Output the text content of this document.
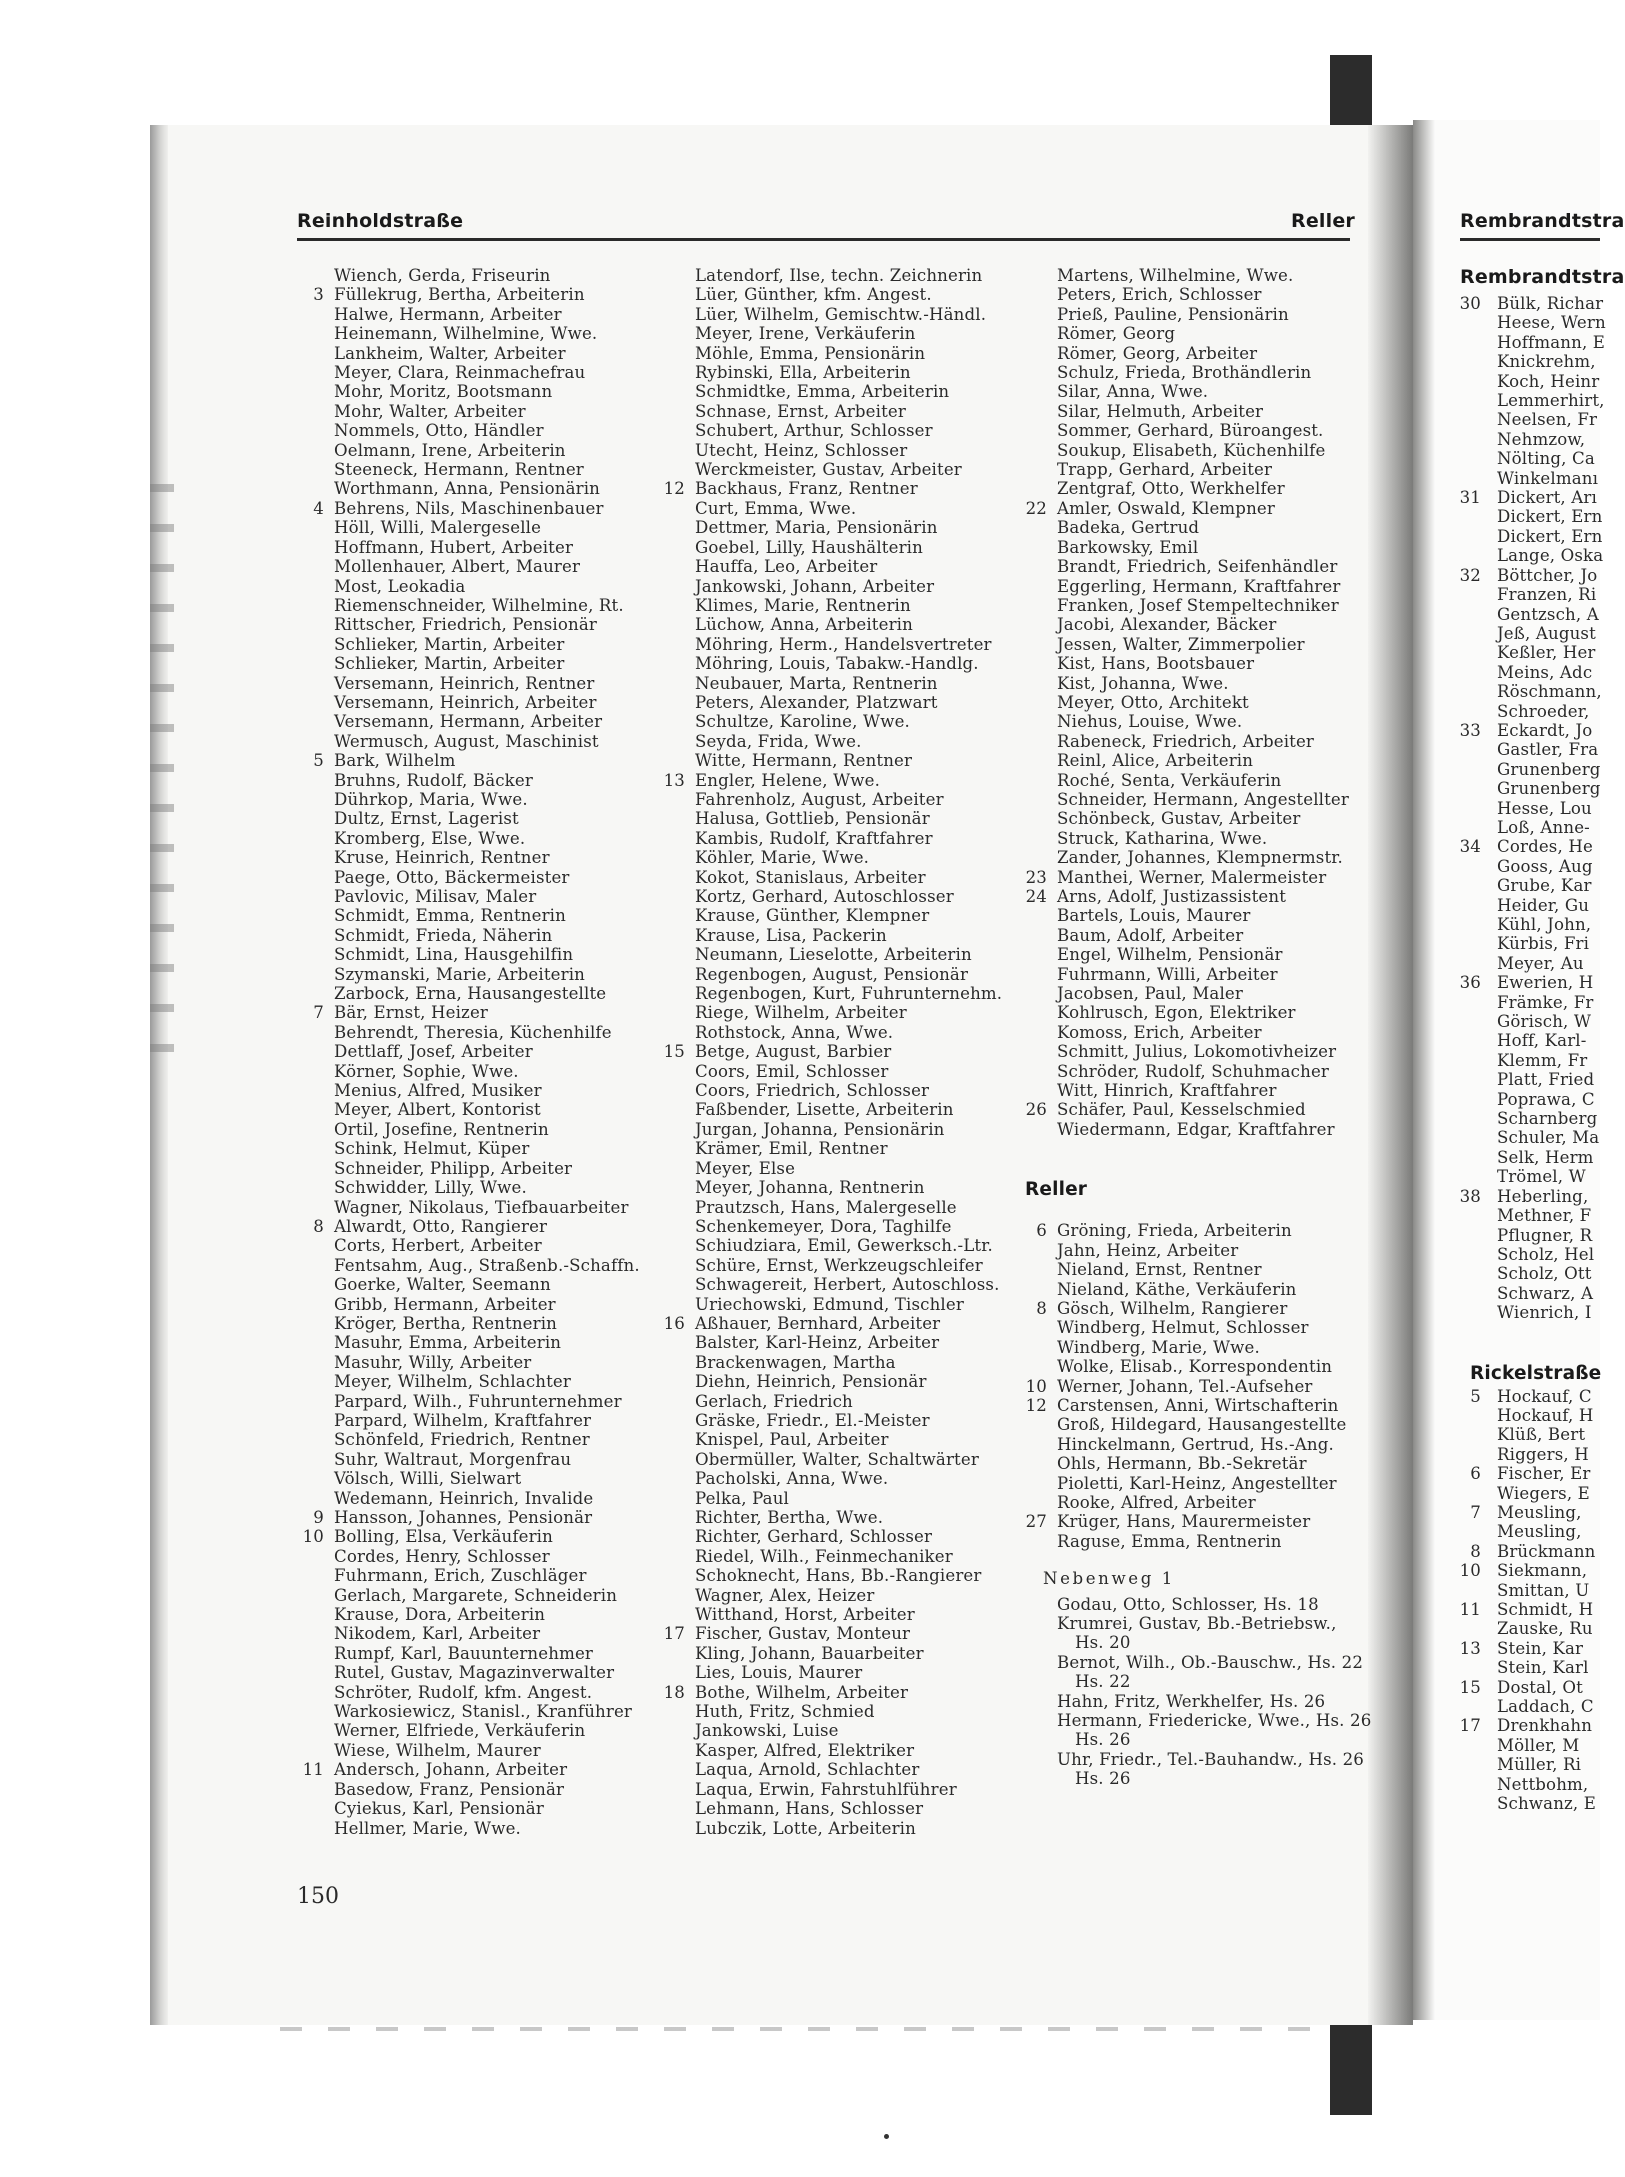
Reinholdstraße	Reller	Rembrandtstra
Rembrandtstra
Wiench, Gerda, Friseurin
3 Füllekrug, Bertha, Arbeiterin
Halwe, Hermann, Arbeiter
Heinemann, Wilhelmine, Wwe.
Lankheim, Walter, Arbeiter
Meyer, Clara, Reinmachefrau
Mohr, Moritz, Bootsmann
Mohr, Walter, Arbeiter
Nommels, Otto, Händler
Oelmann, Irene, Arbeiterin
Steeneck, Hermann, Rentner
Worthmann, Anna, Pensionärin
4 Behrens, Nils, Maschinenbauer
Höll, Willi, Malergeselle
Hoffmann, Hubert, Arbeiter
Mollenhauer, Albert, Maurer
Most, Leokadia
Riemenschneider, Wilhelmine, Rt.
Rittscher, Friedrich, Pensionär
Schlieker, Martin, Arbeiter
Schlieker, Martin, Arbeiter
Versemann, Heinrich, Rentner
Versemann, Heinrich, Arbeiter
Versemann, Hermann, Arbeiter
Wermusch, August, Maschinist
5 Bark, Wilhelm
Bruhns, Rudolf, Bäcker
Dührkop, Maria, Wwe.
Dultz, Ernst, Lagerist
Kromberg, Else, Wwe.
Kruse, Heinrich, Rentner
Paege, Otto, Bäckermeister
Pavlovic, Milisav, Maler
Schmidt, Emma, Rentnerin
Schmidt, Frieda, Näherin
Schmidt, Lina, Hausgehilfin
Szymanski, Marie, Arbeiterin
Zarbock, Erna, Hausangestellte
7 Bär, Ernst, Heizer
Behrendt, Theresia, Küchenhilfe
Dettlaff, Josef, Arbeiter
Körner, Sophie, Wwe.
Menius, Alfred, Musiker
Meyer, Albert, Kontorist
Ortil, Josefine, Rentnerin
Schink, Helmut, Küper
Schneider, Philipp, Arbeiter
Schwidder, Lilly, Wwe.
Wagner, Nikolaus, Tiefbauarbeiter
8 Alwardt, Otto, Rangierer
Corts, Herbert, Arbeiter
Fentsahm, Aug., Straßenb.-Schaffn.
Goerke, Walter, Seemann
Gribb, Hermann, Arbeiter
Kröger, Bertha, Rentnerin
Masuhr, Emma, Arbeiterin
Masuhr, Willy, Arbeiter
Meyer, Wilhelm, Schlachter
Parpard, Wilh., Fuhrunternehmer
Parpard, Wilhelm, Kraftfahrer
Schönfeld, Friedrich, Rentner
Suhr, Waltraut, Morgenfrau
Völsch, Willi, Sielwart
Wedemann, Heinrich, Invalide
9 Hansson, Johannes, Pensionär
10 Bolling, Elsa, Verkäuferin
Cordes, Henry, Schlosser
Fuhrmann, Erich, Zuschläger
Gerlach, Margarete, Schneiderin
Krause, Dora, Arbeiterin
Nikodem, Karl, Arbeiter
Rumpf, Karl, Bauunternehmer
Rutel, Gustav, Magazinverwalter
Schröter, Rudolf, kfm. Angest.
Warkosiewicz, Stanisl., Kranführer
Werner, Elfriede, Verkäuferin
Wiese, Wilhelm, Maurer
11 Andersch, Johann, Arbeiter
Basedow, Franz, Pensionär
Cyiekus, Karl, Pensionär
Hellmer, Marie, Wwe.
Latendorf, Ilse, techn. Zeichnerin
Lüer, Günther, kfm. Angest.
Lüer, Wilhelm, Gemischtw.-Händl.
Meyer, Irene, Verkäuferin
Möhle, Emma, Pensionärin
Rybinski, Ella, Arbeiterin
Schmidtke, Emma, Arbeiterin
Schnase, Ernst, Arbeiter
Schubert, Arthur, Schlosser
Utecht, Heinz, Schlosser
Werckmeister, Gustav, Arbeiter
12 Backhaus, Franz, Rentner
Curt, Emma, Wwe.
Dettmer, Maria, Pensionärin
Goebel, Lilly, Haushälterin
Hauffa, Leo, Arbeiter
Jankowski, Johann, Arbeiter
Klimes, Marie, Rentnerin
Lüchow, Anna, Arbeiterin
Möhring, Herm., Handelsvertreter
Möhring, Louis, Tabakw.-Handlg.
Neubauer, Marta, Rentnerin
Peters, Alexander, Platzwart
Schultze, Karoline, Wwe.
Seyda, Frida, Wwe.
Witte, Hermann, Rentner
13 Engler, Helene, Wwe.
Fahrenholz, August, Arbeiter
Halusa, Gottlieb, Pensionär
Kambis, Rudolf, Kraftfahrer
Köhler, Marie, Wwe.
Kokot, Stanislaus, Arbeiter
Kortz, Gerhard, Autoschlosser
Krause, Günther, Klempner
Krause, Lisa, Packerin
Neumann, Lieselotte, Arbeiterin
Regenbogen, August, Pensionär
Regenbogen, Kurt, Fuhrunternehm.
Riege, Wilhelm, Arbeiter
Rothstock, Anna, Wwe.
15 Betge, August, Barbier
Coors, Emil, Schlosser
Coors, Friedrich, Schlosser
Faßbender, Lisette, Arbeiterin
Jurgan, Johanna, Pensionärin
Krämer, Emil, Rentner
Meyer, Else
Meyer, Johanna, Rentnerin
Prautzsch, Hans, Malergeselle
Schenkemeyer, Dora, Taghilfe
Schiudziara, Emil, Gewerksch.-Ltr.
Schüre, Ernst, Werkzeugschleifer
Schwagereit, Herbert, Autoschloss.
Uriechowski, Edmund, Tischler
16 Aßhauer, Bernhard, Arbeiter
Balster, Karl-Heinz, Arbeiter
Brackenwagen, Martha
Diehn, Heinrich, Pensionär
Gerlach, Friedrich
Gräske, Friedr., El.-Meister
Knispel, Paul, Arbeiter
Obermüller, Walter, Schaltwärter
Pacholski, Anna, Wwe.
Pelka, Paul
Richter, Bertha, Wwe.
Richter, Gerhard, Schlosser
Riedel, Wilh., Feinmechaniker
Schoknecht, Hans, Bb.-Rangierer
Wagner, Alex, Heizer
Witthand, Horst, Arbeiter
17 Fischer, Gustav, Monteur
Kling, Johann, Bauarbeiter
Lies, Louis, Maurer
18 Bothe, Wilhelm, Arbeiter
Huth, Fritz, Schmied
Jankowski, Luise
Kasper, Alfred, Elektriker
Laqua, Arnold, Schlachter
Laqua, Erwin, Fahrstuhlführer
Lehmann, Hans, Schlosser
Lubczik, Lotte, Arbeiterin
Martens, Wilhelmine, Wwe.
Peters, Erich, Schlosser
Prieß, Pauline, Pensionärin
Römer, Georg
Römer, Georg, Arbeiter
Schulz, Frieda, Brothändlerin
Silar, Anna, Wwe.
Silar, Helmuth, Arbeiter
Sommer, Gerhard, Büroangest.
Soukup, Elisabeth, Küchenhilfe
Trapp, Gerhard, Arbeiter
Zentgraf, Otto, Werkhelfer
22 Amler, Oswald, Klempner
Badeka, Gertrud
Barkowsky, Emil
Brandt, Friedrich, Seifenhändler
Eggerling, Hermann, Kraftfahrer
Franken, Josef Stempeltechniker
Jacobi, Alexander, Bäcker
Jessen, Walter, Zimmerpolier
Kist, Hans, Bootsbauer
Kist, Johanna, Wwe.
Meyer, Otto, Architekt
Niehus, Louise, Wwe.
Rabeneck, Friedrich, Arbeiter
Reinl, Alice, Arbeiterin
Roché, Senta, Verkäuferin
Schneider, Hermann, Angestellter
Schönbeck, Gustav, Arbeiter
Struck, Katharina, Wwe.
Zander, Johannes, Klempnermstr.
23 Manthei, Werner, Malermeister
24 Arns, Adolf, Justizassistent
Bartels, Louis, Maurer
Baum, Adolf, Arbeiter
Engel, Wilhelm, Pensionär
Fuhrmann, Willi, Arbeiter
Jacobsen, Paul, Maler
Kohlrusch, Egon, Elektriker
Komoss, Erich, Arbeiter
Schmitt, Julius, Lokomotivheizer
Schröder, Rudolf, Schuhmacher
Witt, Hinrich, Kraftfahrer
26 Schäfer, Paul, Kesselschmied
Wiedermann, Edgar, Kraftfahrer
Reller
6 Gröning, Frieda, Arbeiterin
Jahn, Heinz, Arbeiter
Nieland, Ernst, Rentner
Nieland, Käthe, Verkäuferin
8 Gösch, Wilhelm, Rangierer
Windberg, Helmut, Schlosser
Windberg, Marie, Wwe.
Wolke, Elisab., Korrespondentin
10 Werner, Johann, Tel.-Aufseher
12 Carstensen, Anni, Wirtschafterin
Groß, Hildegard, Hausangestellte
Hinckelmann, Gertrud, Hs.-Ang.
Ohls, Hermann, Bb.-Sekretär
Pioletti, Karl-Heinz, Angestellter
Rooke, Alfred, Arbeiter
27 Krüger, Hans, Maurermeister
Raguse, Emma, Rentnerin
Nebenweg 1
Godau, Otto, Schlosser, Hs. 18
Krumrei, Gustav, Bb.-Betriebsw.,
Hs. 20
Bernot, Wilh., Ob.-Bauschw., Hs. 22
Hs. 22
Hahn, Fritz, Werkhelfer, Hs. 26
Hermann, Friedericke, Wwe., Hs. 26
Hs. 26
Uhr, Friedr., Tel.-Bauhandw., Hs. 26
Hs. 26
30 Bülk, Richar
Heese, Wern
Hoffmann, E
Knickrehm,
Koch, Heinr
Lemmerhirt,
Neelsen, Fr
Nehmzow,
Nölting, Ca
Winkelmanı
31 Dickert, Arı
Dickert, Ern
Dickert, Ern
Lange, Oska
32 Böttcher, Jo
Franzen, Ri
Gentzsch, A
Jeß, August
Keßler, Her
Meins, Adc
Röschmann,
Schroeder,
33 Eckardt, Jo
Gastler, Fra
Grunenberg
Grunenberg
Hesse, Lou
Loß, Anne-
34 Cordes, He
Gooss, Aug
Grube, Kar
Heider, Gu
Kühl, John,
Kürbis, Fri
Meyer, Au
36 Ewerien, H
Främke, Fr
Görisch, W
Hoff, Karl-
Klemm, Fr
Platt, Fried
Poprawa, C
Scharnberg
Schuler, Ma
Selk, Herm
Trömel, W
38 Heberling,
Methner, F
Pflugner, R
Scholz, Hel
Scholz, Ott
Schwarz, A
Wienrich, I
Rickelstraße
5 Hockauf, C
Hockauf, H
Klüß, Bert
Riggers, H
6 Fischer, Er
Wiegers, E
7 Meusling,
Meusling,
8 Brückmann
10 Siekmann,
Smittan, U
11 Schmidt, H
Zauske, Ru
13 Stein, Kar
Stein, Karl
15 Dostal, Ot
Laddach, C
17 Drenkhahn
Möller, M
Müller, Ri
Nettbohm,
Schwanz, E
150
